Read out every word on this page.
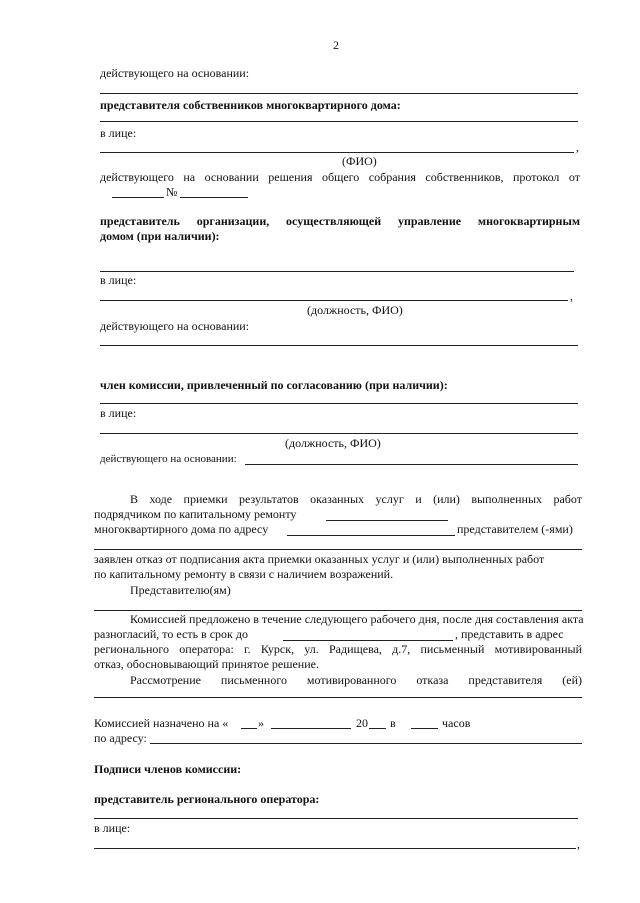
2
действующего на основании:
представителя собственников многоквартирного дома:
в лице:
,
(ФИО)
действующего на основании решения общего собрания собственников, протокол от
№
представитель организации, осуществляющей управление многоквартирным
домом (при наличии):
в лице:
,
(должность, ФИО)
действующего на основании:
член комиссии, привлеченный по согласованию (при наличии):
в лице:
(должность, ФИО)
действующего на основании:
В ходе приемки результатов оказанных услуг и (или) выполненных работ
подрядчиком по капитальному ремонту
многоквартирного дома по адресу	представителем (-ями)
заявлен отказ от подписания акта приемки оказанных услуг и (или) выполненных работ
по капитальному ремонту в связи с наличием возражений.
Представителю(ям)
Комиссией предложено в течение следующего рабочего дня, после дня составления акта
разногласий, то есть в срок до	, представить в адрес
регионального оператора: г. Курск, ул. Радищева, д.7, письменный мотивированный
отказ, обосновывающий принятое решение.
Рассмотрение письменного мотивированного отказа представителя (ей)
Комиссией назначено на « »	20 в	часов
по адресу:
Подписи членов комиссии:
представитель регионального оператора:
в лице:
,
